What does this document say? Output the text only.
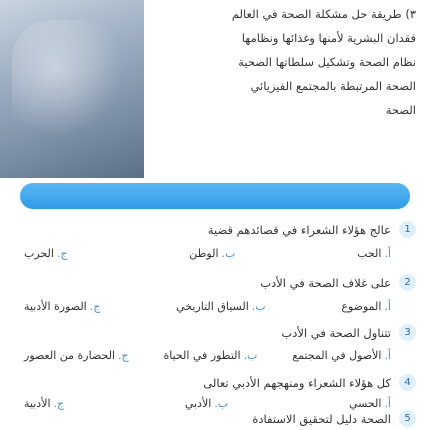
٣) طريقة حل مشكلة الصحة في العالم
فقدان البشرية لأمنها وغذائها ونظامها
نظام الصحة وتشكيل سلطاتها الصحية
الصحة المرتبطة بالمجتمع الفيزيائي
الصحة
1
عالج هؤلاء الشعراء في قصائدهم قضية
أ.الحب
ب.الوطن
ج.الحرب
2
على غلاف الصحة في الأدب
أ.الموضوع
ب.السياق التاريخي
ج.الصورة الأدبية
3
تتناول الصحة في الأدب
أ.الأصول في المجتمع
ب.التطور في الحياة
ج.الحضارة من العصور
4
كل هؤلاء الشعراء ومنهجهم الأدبي تعالى
أ.الحسي
ب.الأدبي
ج.الأدبية
5
الصحة دليل لتحقيق الاستفادة
